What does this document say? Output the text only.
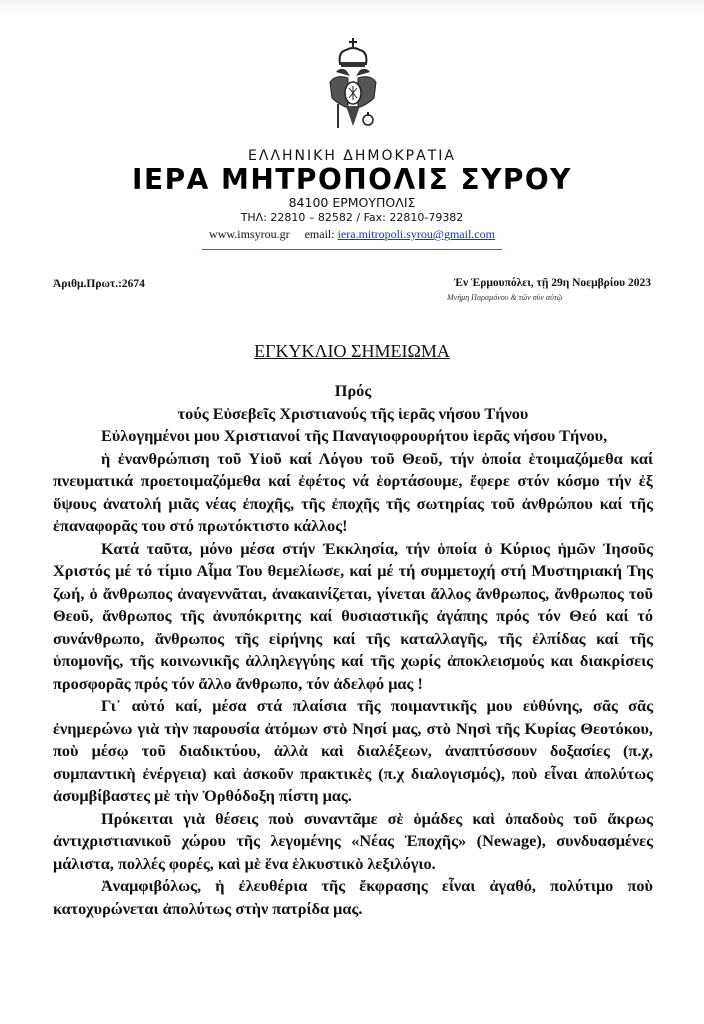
ΕΛΛΗΝΙΚΗ ΔΗΜΟΚΡΑΤΙΑ
ΙΕΡΑ ΜΗΤΡΟΠΟΛΙΣ ΣΥΡΟΥ
84100 ΕΡΜΟΥΠΟΛΙΣ
ΤΗΛ: 22810 – 82582 / Fax: 22810-79382
www.imsyrou.gr email: iera.mitropoli.syrou@gmail.com
Ἀριθμ.Πρωτ.:2674	Ἐν Ἑρμουπόλει, τῇ 29η Νοεμβρίου 2023
Μνήμη Παραμόνου & τῶν σὺν αὐτῷ
ΕΓΚΥΚΛΙΟ ΣΗΜΕΙΩΜΑ

Πρός

τούς Εὐσεβεῖς Χριστιανούς τῆς ἱερᾶς νήσου Τήνου

Εὐλογημένοι μου Χριστιανοί τῆς Παναγιοφρουρήτου ἱερᾶς νήσου Τήνου,

ἡ ἐνανθρώπιση τοῦ Υἱοῦ καί Λόγου τοῦ Θεοῦ, τήν ὁποία ἑτοιμαζόμεθα καί πνευματικά προετοιμαζόμεθα καί ἐφέτος νά ἑορτάσουμε, ἔφερε στόν κόσμο τήν ἐξ ὕψους ἀνατολή μιᾶς νέας ἐποχῆς, τῆς ἐποχῆς τῆς σωτηρίας τοῦ ἀνθρώπου καί τῆς ἐπαναφορᾶς του στό πρωτόκτιστο κάλλος!

Κατά ταῦτα, μόνο μέσα στήν Ἐκκλησία, τήν ὁποία ὁ Κύριος ἡμῶν Ἰησοῦς Χριστός μέ τό τίμιο Αἷμα Του θεμελίωσε, καί μέ τή συμμετοχή στή Μυστηριακή Της ζωή, ὁ ἄνθρωπος ἀναγεννᾶται, ἀνακαινίζεται, γίνεται ἄλλος ἄνθρωπος, ἄνθρωπος τοῦ Θεοῦ, ἄνθρωπος τῆς ἀνυπόκριτης καί θυσιαστικῆς ἀγάπης πρός τόν Θεό καί τό συνάνθρωπο, ἄνθρωπος τῆς εἰρήνης καί τῆς καταλλαγῆς, τῆς ἐλπίδας καί τῆς ὑπομονῆς, τῆς κοινωνικῆς ἀλληλεγγύης καί τῆς χωρίς ἀποκλεισμούς και διακρίσεις προσφορᾶς πρός τόν ἄλλο ἄνθρωπο, τόν ἀδελφό μας !

Γι᾽ αὐτό καί, μέσα στά πλαίσια τῆς ποιμαντικῆς μου εὐθύνης, σᾶς σᾶς ἐνημερώνω γιὰ τὴν παρουσία ἀτόμων στὸ Νησί μας, στὸ Νησὶ τῆς Κυρίας Θεοτόκου, ποὺ μέσῳ τοῦ διαδικτύου, ἀλλὰ καὶ διαλέξεων, ἀναπτύσσουν δοξασίες (π.χ, συμπαντικὴ ἐνέργεια) καὶ ἀσκοῦν πρακτικὲς (π.χ διαλογισμός), ποὺ εἶναι ἀπολύτως ἀσυμβίβαστες μὲ τὴν Ὀρθόδοξη πίστη μας.

Πρόκειται γιὰ θέσεις ποὺ συναντᾶμε σὲ ὁμάδες καὶ ὀπαδοὺς τοῦ ἄκρως ἀντιχριστιανικοῦ χώρου τῆς λεγομένης «Νέας Ἐποχῆς» (Newage), συνδυασμένες μάλιστα, πολλές φορές, καὶ μὲ ἕνα ἑλκυστικὸ λεξιλόγιο.

Ἀναμφιβόλως, ἡ ἐλευθέρια τῆς ἔκφρασης εἶναι ἀγαθό, πολύτιμο ποὺ κατοχυρώνεται ἀπολύτως στὴν πατρίδα μας.
